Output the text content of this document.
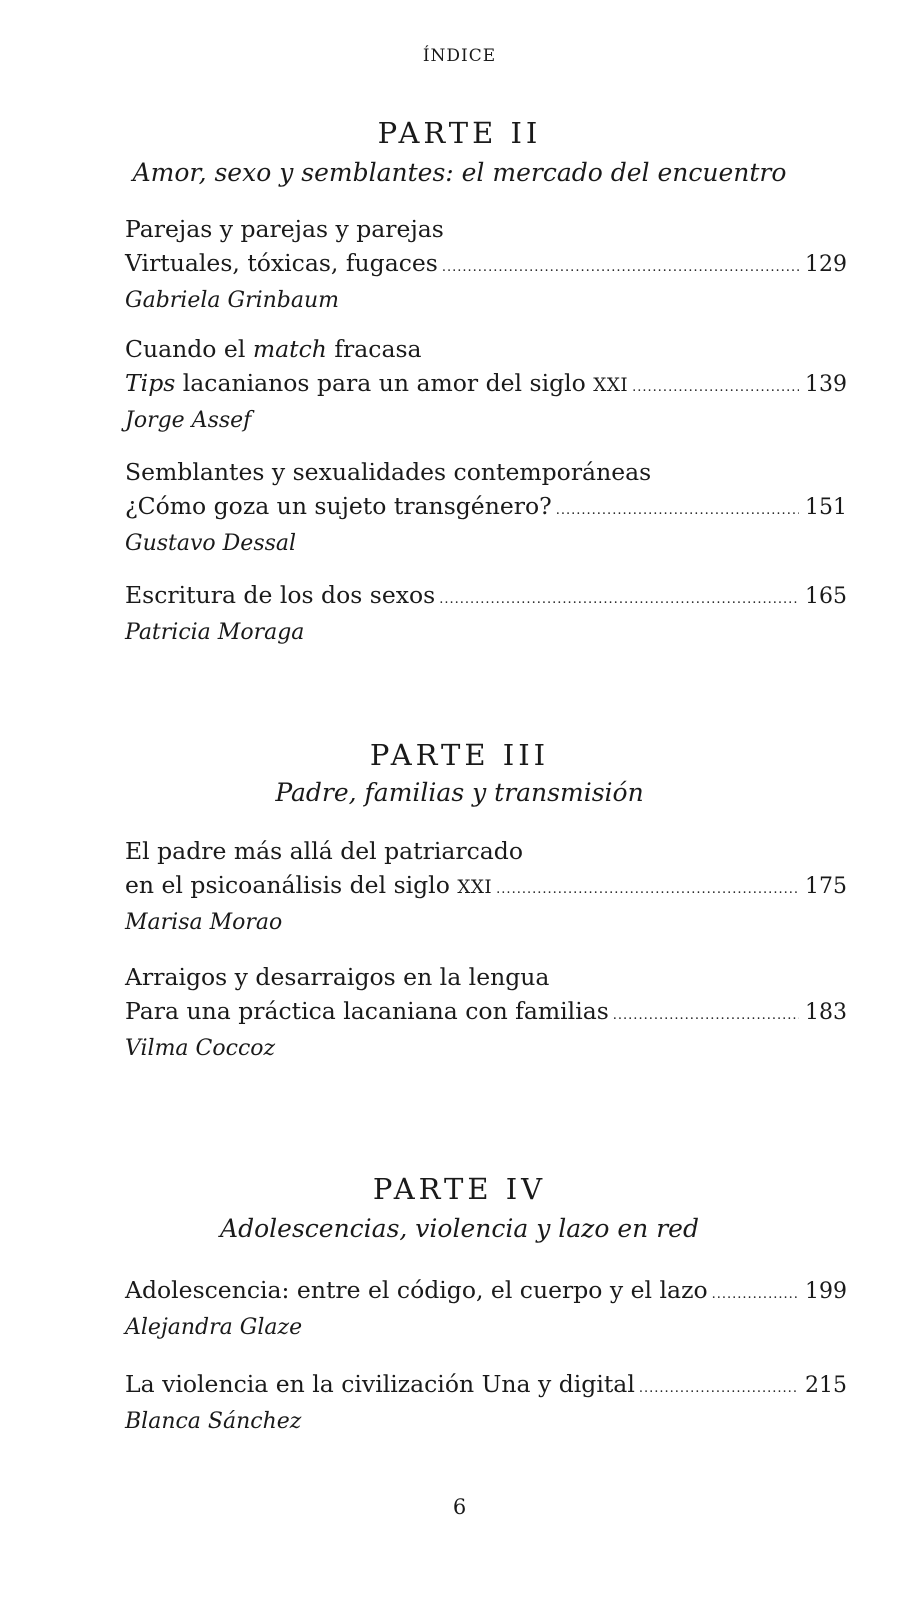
ÍNDICE
PARTE II
Amor, sexo y semblantes: el mercado del encuentro
Parejas y parejas y parejas
Virtuales, tóxicas, fugaces .....	129
Gabriela Grinbaum
Cuando el match fracasa
Tips lacanianos para un amor del siglo XXI .....	139
Jorge Assef
Semblantes y sexualidades contemporáneas
¿Cómo goza un sujeto transgénero? .....	151
Gustavo Dessal
Escritura de los dos sexos .....	165
Patricia Moraga
PARTE III
Padre, familias y transmisión
El padre más allá del patriarcado
en el psicoanálisis del siglo XXI .....	175
Marisa Morao
Arraigos y desarraigos en la lengua
Para una práctica lacaniana con familias .....	183
Vilma Coccoz
PARTE IV
Adolescencias, violencia y lazo en red
Adolescencia: entre el código, el cuerpo y el lazo .....	199
Alejandra Glaze
La violencia en la civilización Una y digital .....	215
Blanca Sánchez
6
